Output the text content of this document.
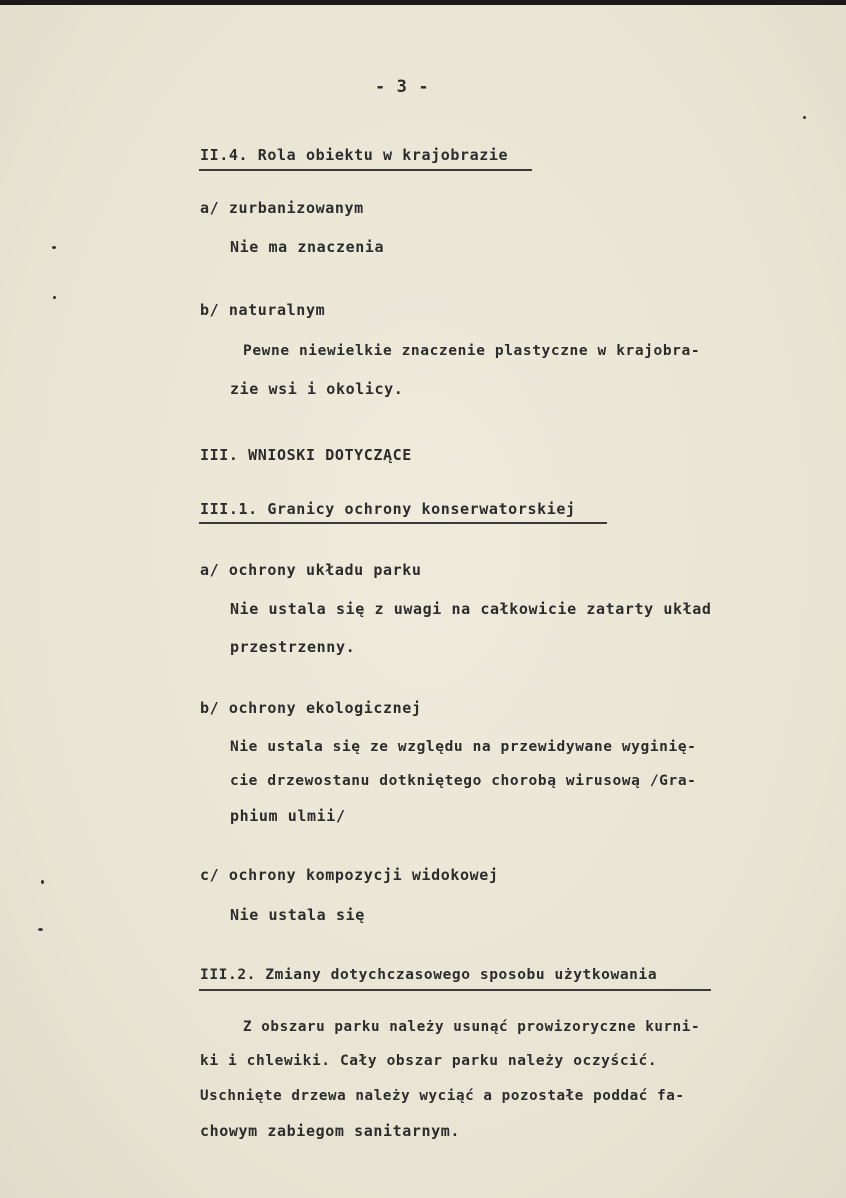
- 3 -
II.4. Rola obiektu w krajobrazie
a/ zurbanizowanym
Nie ma znaczenia
b/ naturalnym
Pewne niewielkie znaczenie plastyczne w krajobra-
zie wsi i okolicy.
III. WNIOSKI DOTYCZĄCE
III.1. Granicy ochrony konserwatorskiej
a/ ochrony układu parku
Nie ustala się z uwagi na całkowicie zatarty układ
przestrzenny.
b/ ochrony ekologicznej
Nie ustala się ze względu na przewidywane wyginię-
cie drzewostanu dotkniętego chorobą wirusową /Gra-
phium ulmii/
c/ ochrony kompozycji widokowej
Nie ustala się
III.2. Zmiany dotychczasowego sposobu użytkowania
Z obszaru parku należy usunąć prowizoryczne kurni-
ki i chlewiki. Cały obszar parku należy oczyścić.
Uschnięte drzewa należy wyciąć a pozostałe poddać fa-
chowym zabiegom sanitarnym.
